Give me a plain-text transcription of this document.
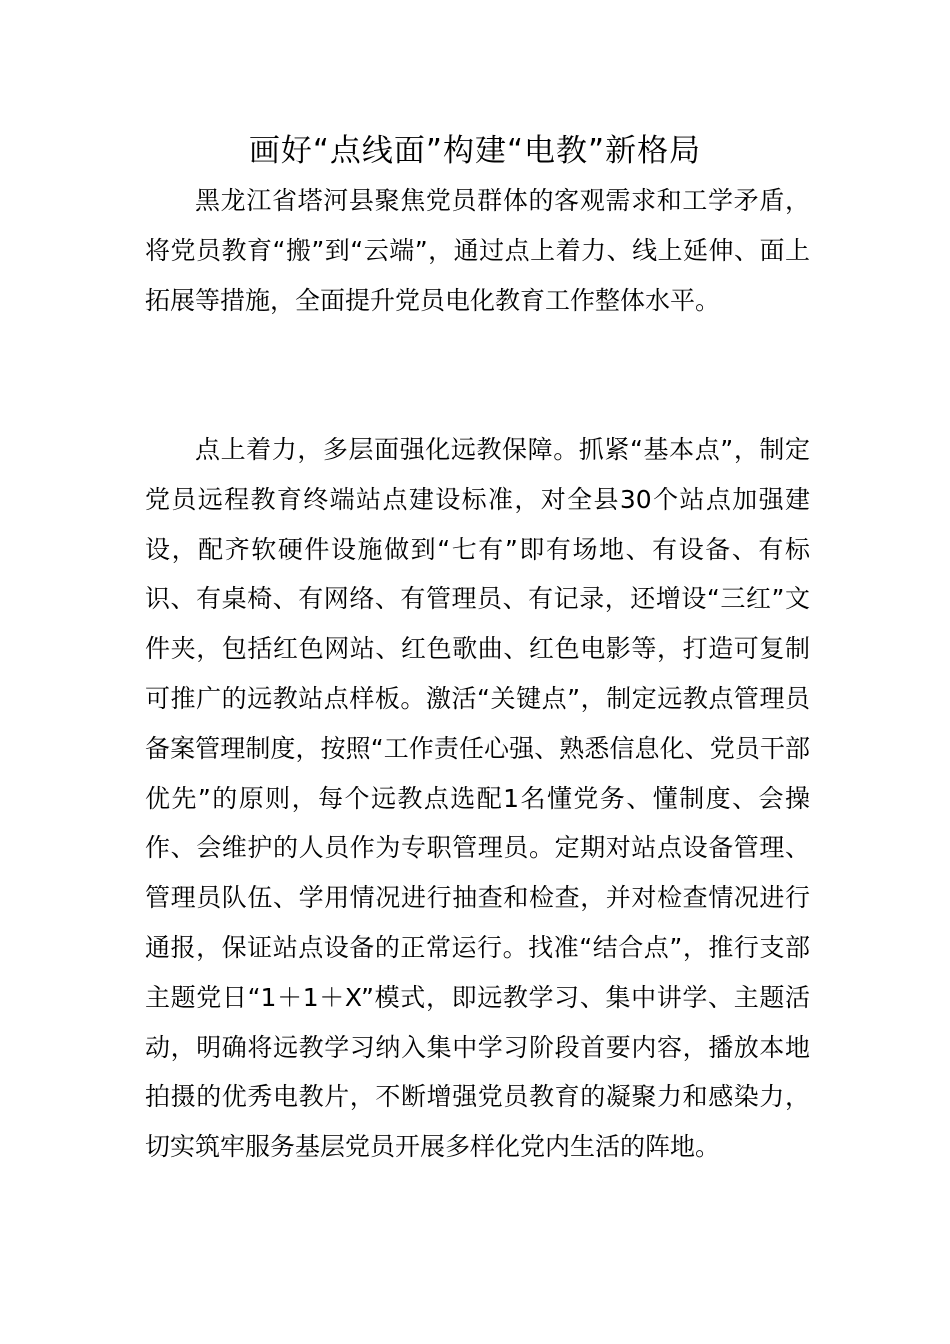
画好“点线面”构建“电教”新格局

黑龙江省塔河县聚焦党员群体的客观需求和工学矛盾，将党员教育“搬”到“云端”，通过点上着力、线上延伸、面上拓展等措施，全面提升党员电化教育工作整体水平。

点上着力，多层面强化远教保障。抓紧“基本点”，制定党员远程教育终端站点建设标准，对全县30个站点加强建设，配齐软硬件设施做到“七有”即有场地、有设备、有标识、有桌椅、有网络、有管理员、有记录，还增设“三红”文件夹，包括红色网站、红色歌曲、红色电影等，打造可复制可推广的远教站点样板。激活“关键点”，制定远教点管理员备案管理制度，按照“工作责任心强、熟悉信息化、党员干部优先”的原则，每个远教点选配1名懂党务、懂制度、会操作、会维护的人员作为专职管理员。定期对站点设备管理、管理员队伍、学用情况进行抽查和检查，并对检查情况进行通报，保证站点设备的正常运行。找准“结合点”，推行支部主题党日“1＋1＋X”模式，即远教学习、集中讲学、主题活动，明确将远教学习纳入集中学习阶段首要内容，播放本地拍摄的优秀电教片，不断增强党员教育的凝聚力和感染力，切实筑牢服务基层党员开展多样化党内生活的阵地。
